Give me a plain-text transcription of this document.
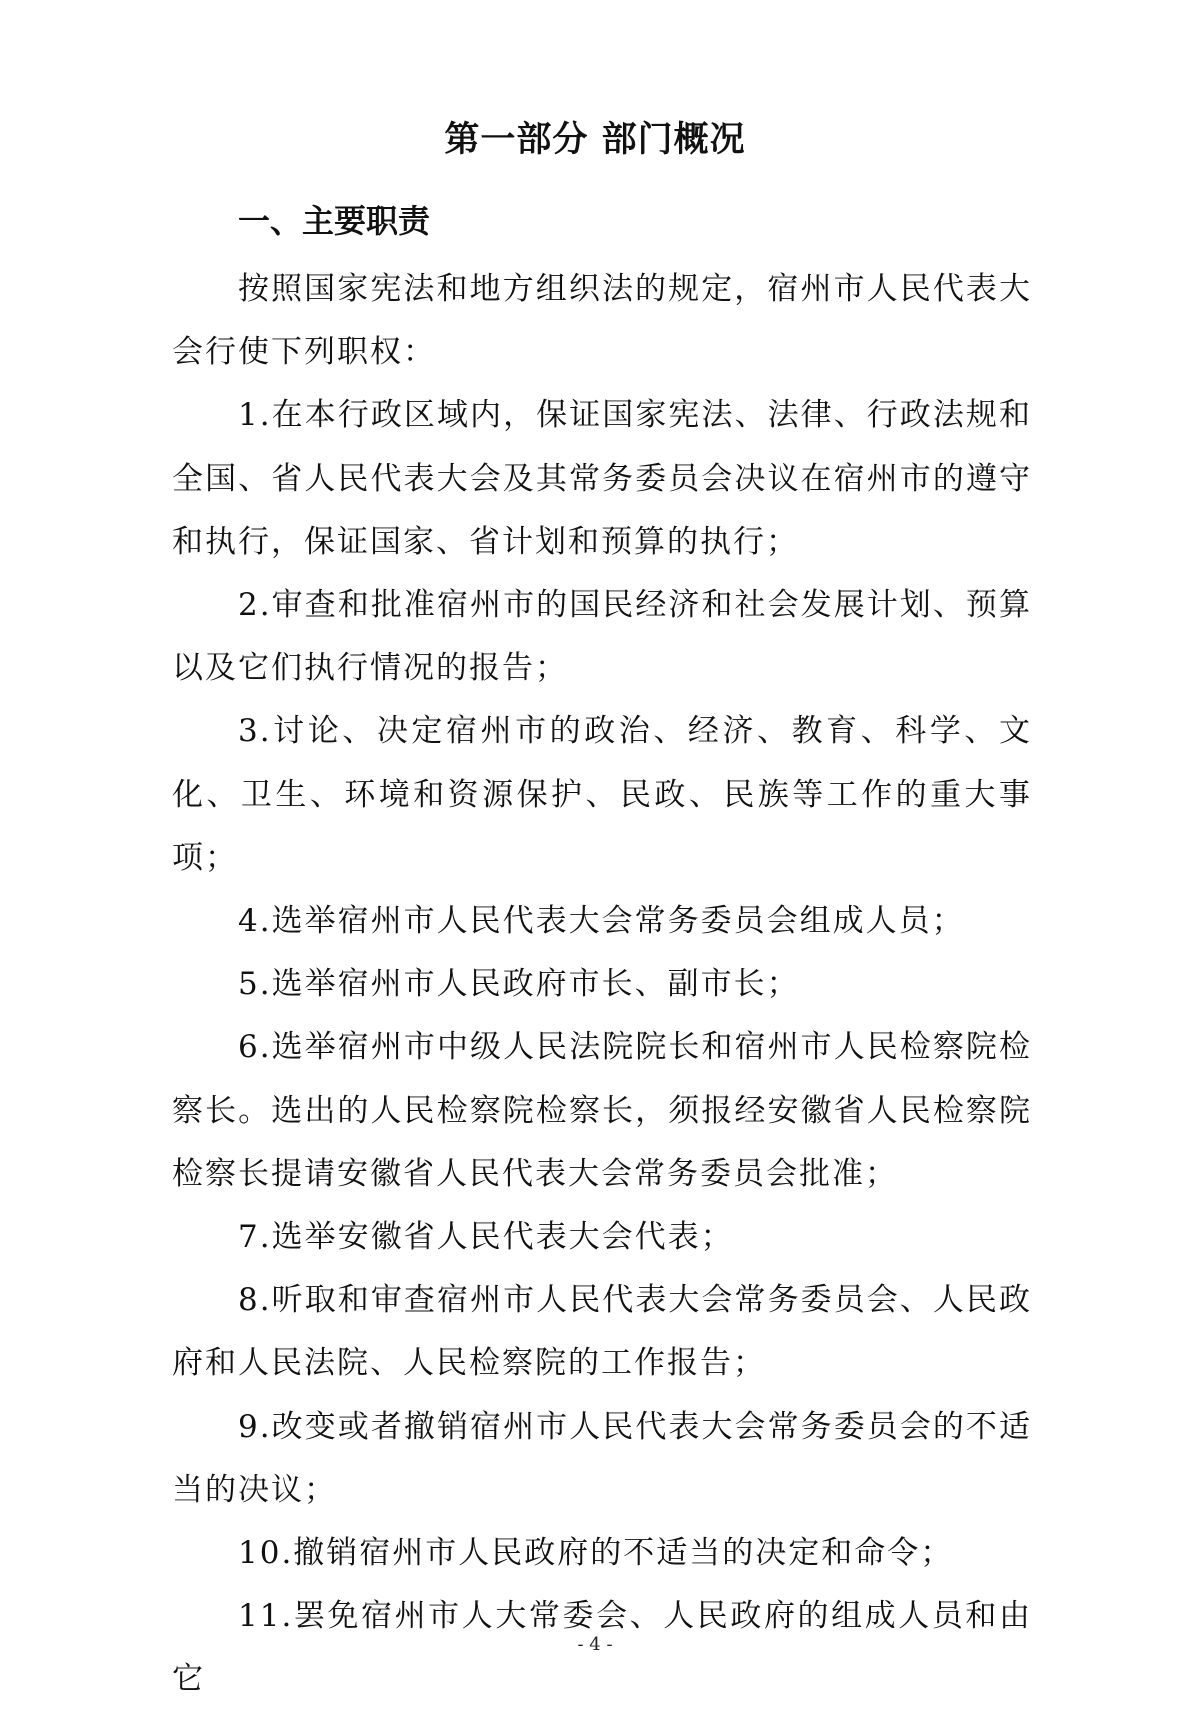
第一部分 部门概况
一、主要职责

按照国家宪法和地方组织法的规定，宿州市人民代表大会行使下列职权：

1.在本行政区域内，保证国家宪法、法律、行政法规和全国、省人民代表大会及其常务委员会决议在宿州市的遵守和执行，保证国家、省计划和预算的执行；

2.审查和批准宿州市的国民经济和社会发展计划、预算以及它们执行情况的报告；

3.讨论、决定宿州市的政治、经济、教育、科学、文化、卫生、环境和资源保护、民政、民族等工作的重大事项；

4.选举宿州市人民代表大会常务委员会组成人员；

5.选举宿州市人民政府市长、副市长；

6.选举宿州市中级人民法院院长和宿州市人民检察院检察长。选出的人民检察院检察长，须报经安徽省人民检察院检察长提请安徽省人民代表大会常务委员会批准；

7.选举安徽省人民代表大会代表；

8.听取和审查宿州市人民代表大会常务委员会、人民政府和人民法院、人民检察院的工作报告；

9.改变或者撤销宿州市人民代表大会常务委员会的不适当的决议；

10.撤销宿州市人民政府的不适当的决定和命令；

11.罢免宿州市人大常委会、人民政府的组成人员和由它

- 4 -
